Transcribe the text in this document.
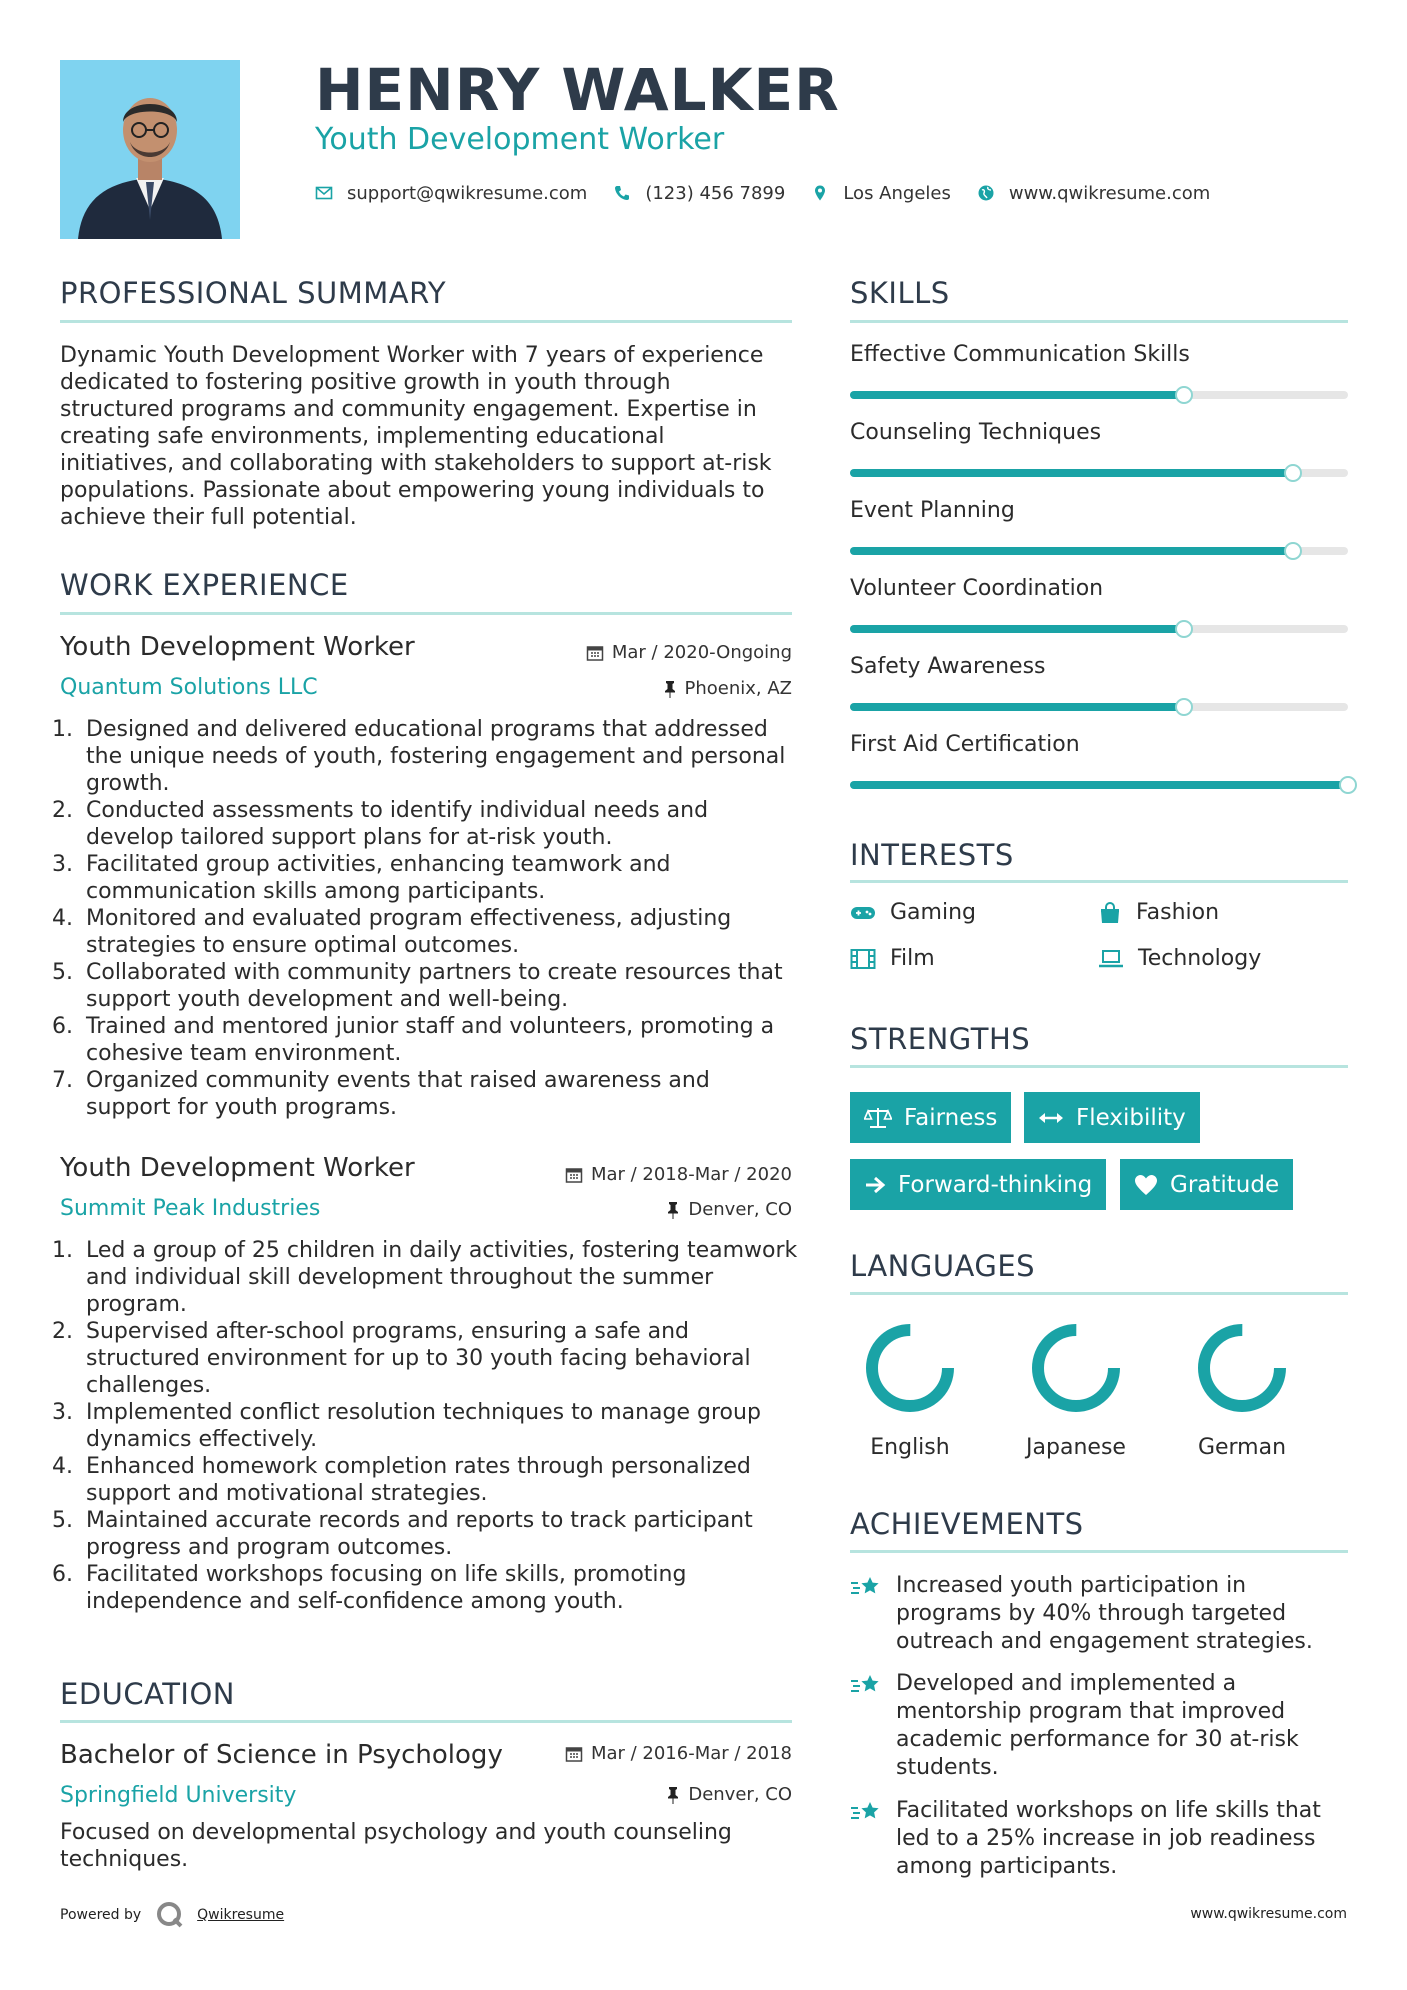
HENRY WALKER
Youth Development Worker
support@qwikresume.com	(123) 456 7899	Los Angeles	www.qwikresume.com
PROFESSIONAL SUMMARY
Dynamic Youth Development Worker with 7 years of experience
dedicated to fostering positive growth in youth through
structured programs and community engagement. Expertise in
creating safe environments, implementing educational
initiatives, and collaborating with stakeholders to support at-risk
populations. Passionate about empowering young individuals to
achieve their full potential.
WORK EXPERIENCE
Youth Development Worker	Mar / 2020-Ongoing
Quantum Solutions LLC	Phoenix, AZ
Designed and delivered educational programs that addressed the unique needs of youth, fostering engagement and personal growth.
Conducted assessments to identify individual needs and develop tailored support plans for at-risk youth.
Facilitated group activities, enhancing teamwork and communication skills among participants.
Monitored and evaluated program effectiveness, adjusting strategies to ensure optimal outcomes.
Collaborated with community partners to create resources that support youth development and well-being.
Trained and mentored junior staff and volunteers, promoting a cohesive team environment.
Organized community events that raised awareness and support for youth programs.
Youth Development Worker	Mar / 2018-Mar / 2020
Summit Peak Industries	Denver, CO
Led a group of 25 children in daily activities, fostering teamwork and individual skill development throughout the summer program.
Supervised after-school programs, ensuring a safe and structured environment for up to 30 youth facing behavioral challenges.
Implemented conflict resolution techniques to manage group dynamics effectively.
Enhanced homework completion rates through personalized support and motivational strategies.
Maintained accurate records and reports to track participant progress and program outcomes.
Facilitated workshops focusing on life skills, promoting independence and self-confidence among youth.
EDUCATION
Bachelor of Science in Psychology	Mar / 2016-Mar / 2018
Springfield University	Denver, CO
Focused on developmental psychology and youth counseling techniques.
SKILLS
Effective Communication Skills
Counseling Techniques
Event Planning
Volunteer Coordination
Safety Awareness
First Aid Certification
INTERESTS
Gaming	Fashion
Film	Technology
STRENGTHS
Fairness	Flexibility
Forward-thinking	Gratitude
LANGUAGES
English	Japanese	German
ACHIEVEMENTS
Increased youth participation in programs by 40% through targeted outreach and engagement strategies.
Developed and implemented a mentorship program that improved academic performance for 30 at-risk students.
Facilitated workshops on life skills that led to a 25% increase in job readiness among participants.
Powered by	Qwikresume	www.qwikresume.com
